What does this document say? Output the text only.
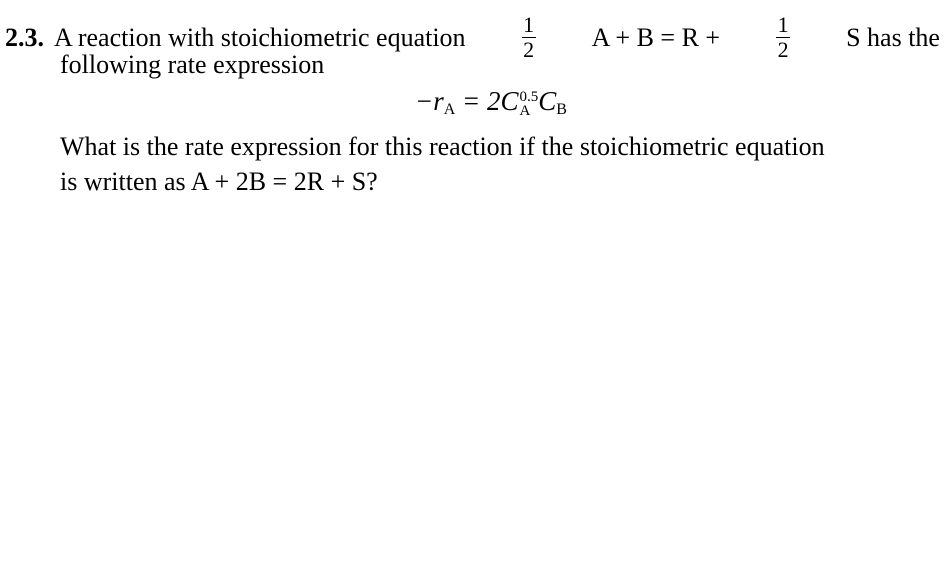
2.3. A reaction with stoichiometric equation	$\frac{1}{2}$ A + B = R +	$\frac{1}{2}$ S has the
following rate expression
$-r_A = 2C$ 0.5
A $C_B$
What is the rate expression for this reaction if the stoichiometric equation
is written as A + 2B = 2R + S?
